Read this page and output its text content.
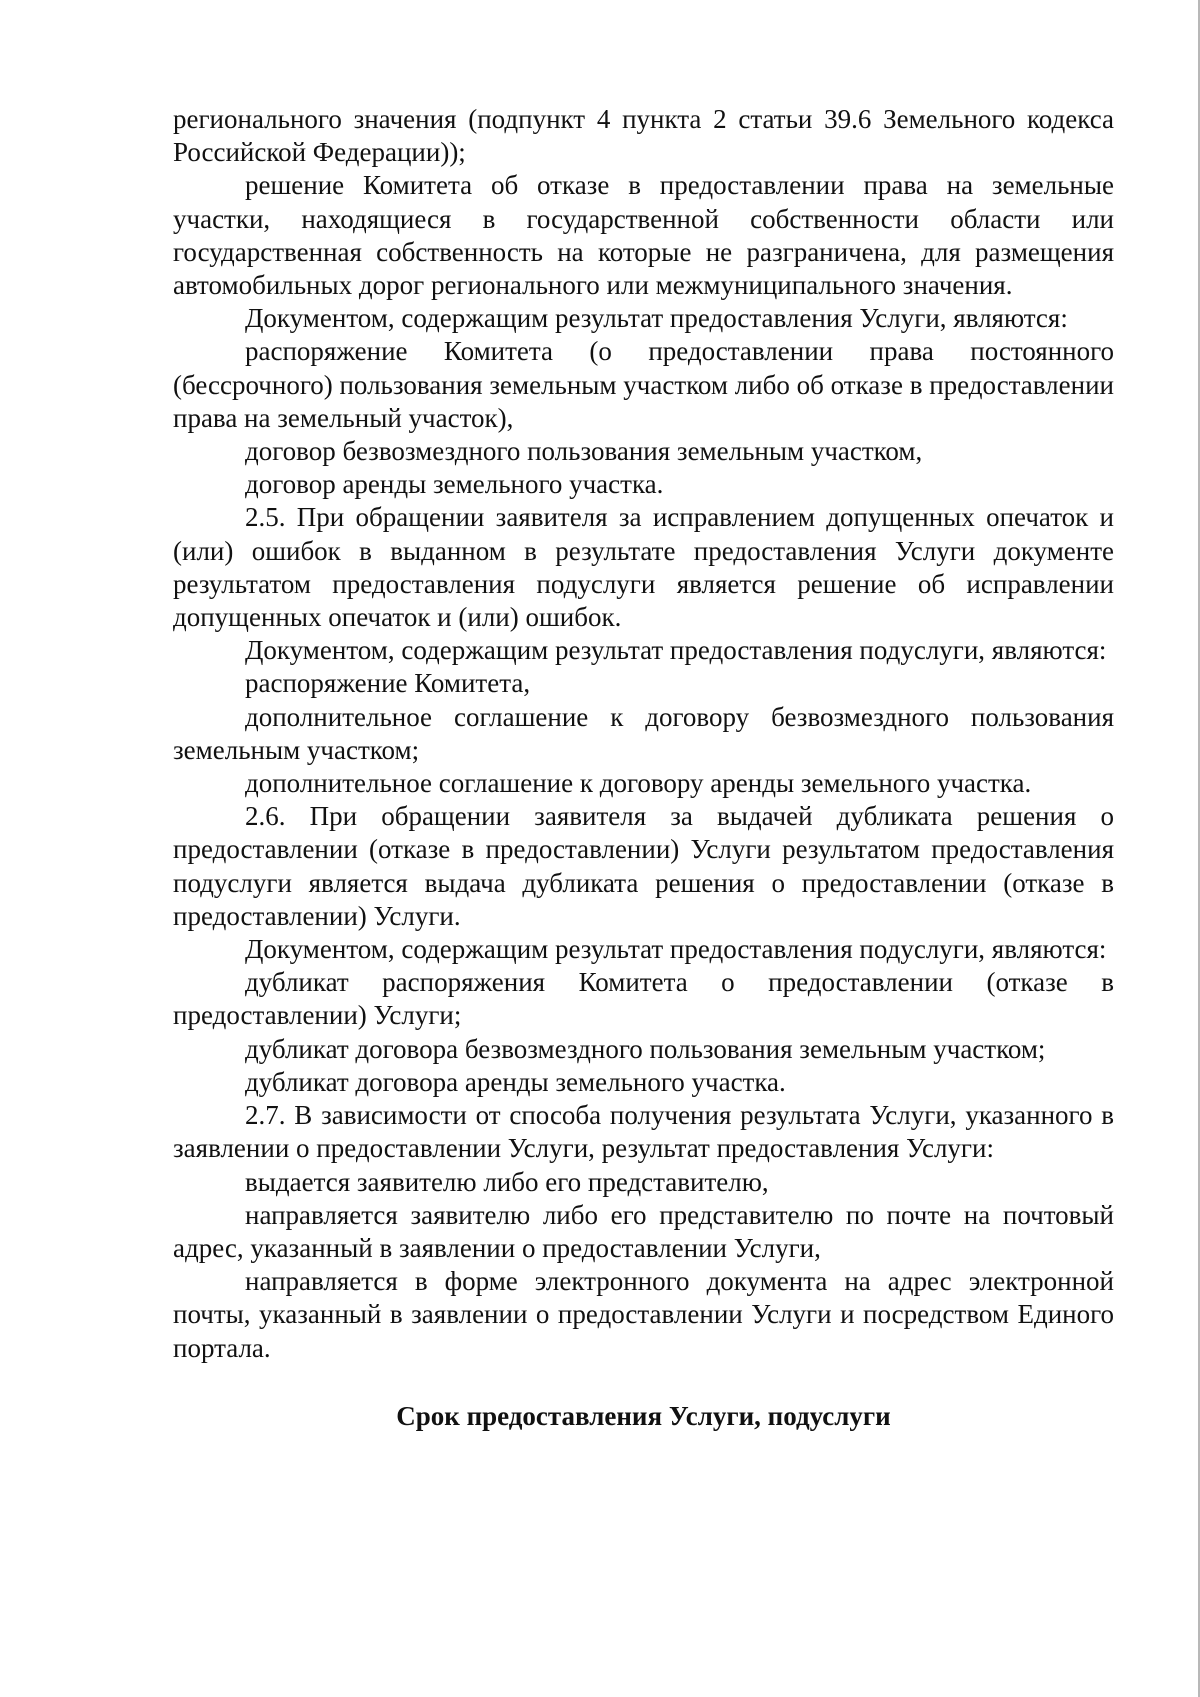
регионального значения (подпункт 4 пункта 2 статьи 39.6 Земельного кодекса Российской Федерации));

решение Комитета об отказе в предоставлении права на земельные участки, находящиеся в государственной собственности области или государственная собственность на которые не разграничена, для размещения автомобильных дорог регионального или межмуниципального значения.

Документом, содержащим результат предоставления Услуги, являются:

распоряжение Комитета (о предоставлении права постоянного (бессрочного) пользования земельным участком либо об отказе в предоставлении права на земельный участок),

договор безвозмездного пользования земельным участком,

договор аренды земельного участка.

2.5. При обращении заявителя за исправлением допущенных опечаток и (или) ошибок в выданном в результате предоставления Услуги документе результатом предоставления подуслуги является решение об исправлении допущенных опечаток и (или) ошибок.

Документом, содержащим результат предоставления подуслуги, являются:

распоряжение Комитета,

дополнительное соглашение к договору безвозмездного пользования земельным участком;

дополнительное соглашение к договору аренды земельного участка.

2.6. При обращении заявителя за выдачей дубликата решения о предоставлении (отказе в предоставлении) Услуги результатом предоставления подуслуги является выдача дубликата решения о предоставлении (отказе в предоставлении) Услуги.

Документом, содержащим результат предоставления подуслуги, являются:

дубликат распоряжения Комитета о предоставлении (отказе в предоставлении) Услуги;

дубликат договора безвозмездного пользования земельным участком;

дубликат договора аренды земельного участка.

2.7. В зависимости от способа получения результата Услуги, указанного в заявлении о предоставлении Услуги, результат предоставления Услуги:

выдается заявителю либо его представителю,

направляется заявителю либо его представителю по почте на почтовый адрес, указанный в заявлении о предоставлении Услуги,

направляется в форме электронного документа на адрес электронной почты, указанный в заявлении о предоставлении Услуги и посредством Единого портала.

Срок предоставления Услуги, подуслуги
